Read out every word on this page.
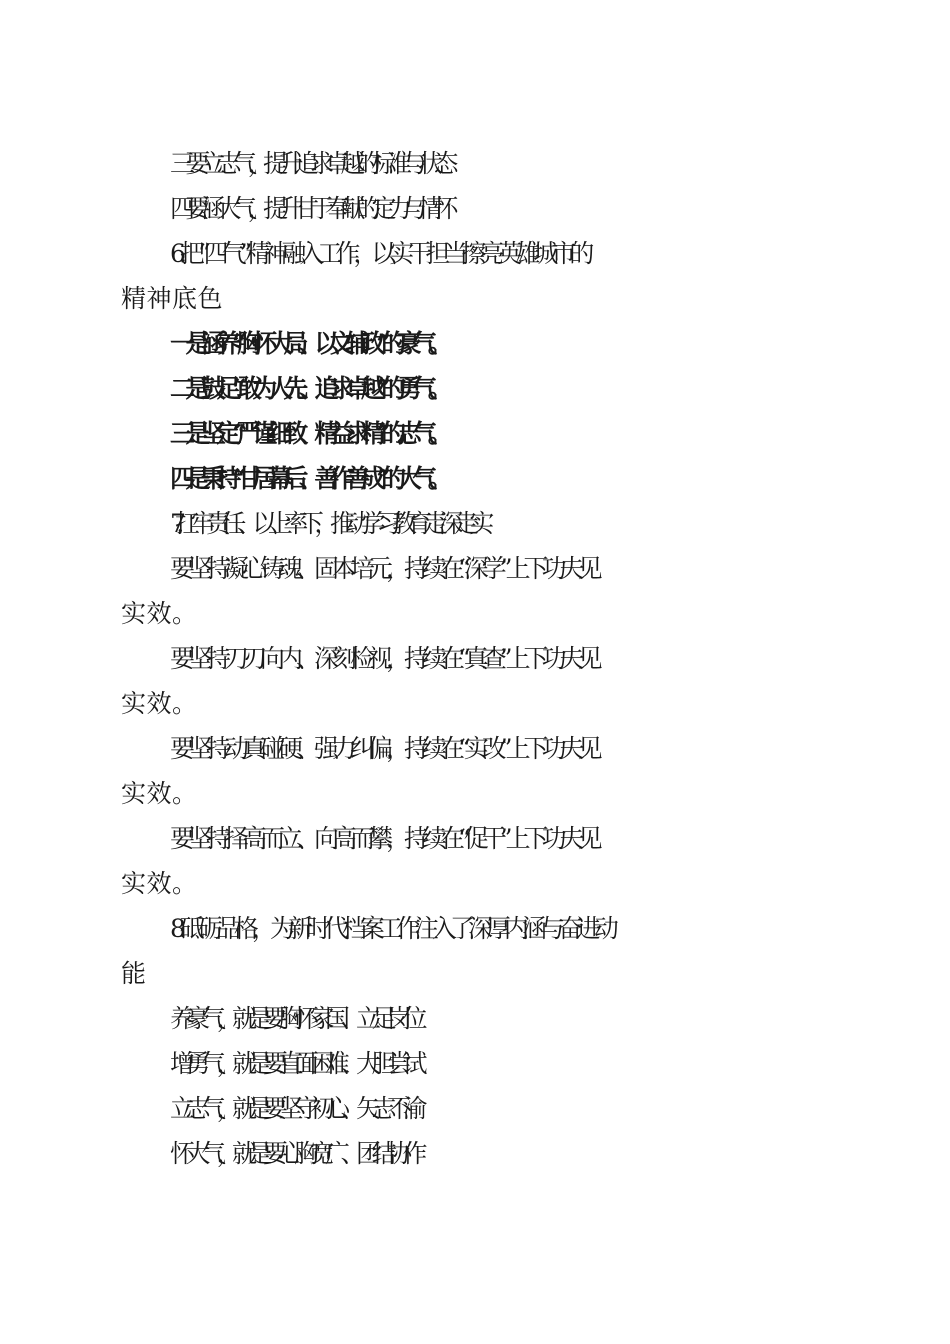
三要立志气，提升追求卓越的标准与状态
四要涵大气，提升甘于奉献的定力与情怀
6.把“四气”精神融入工作，以实干担当擦亮英雄城市的
精神底色
一是涵养“胸怀大局、以文辅政”的豪气。
二是鼓足“敢为人先、追求卓越”的勇气。
三是坚定“严谨细致、精益求精”的志气。
四是秉持“甘居幕后、善作善成”的大气。
7.扛牢责任、以上率下，推动学习教育走深走实
要坚持凝心铸魂、固本培元，持续在“深学”上下功夫见
实效。
要坚持刀刃向内、深刻检视，持续在“真查”上下功夫见
实效。
要坚持动真碰硬、强力纠偏，持续在“实改”上下功夫见
实效。
要坚持择高而立、向高而攀，持续在“促干”上下功夫见
实效。
8.砥砺品格，为新时代档案工作注入了深厚内涵与奋进动
能
养豪气，就是要胸怀家国、立足岗位
增勇气，就是要直面困难、大胆尝试
立志气，就是要坚守初心、矢志不渝
怀大气，就是要心胸宽广、团结协作
